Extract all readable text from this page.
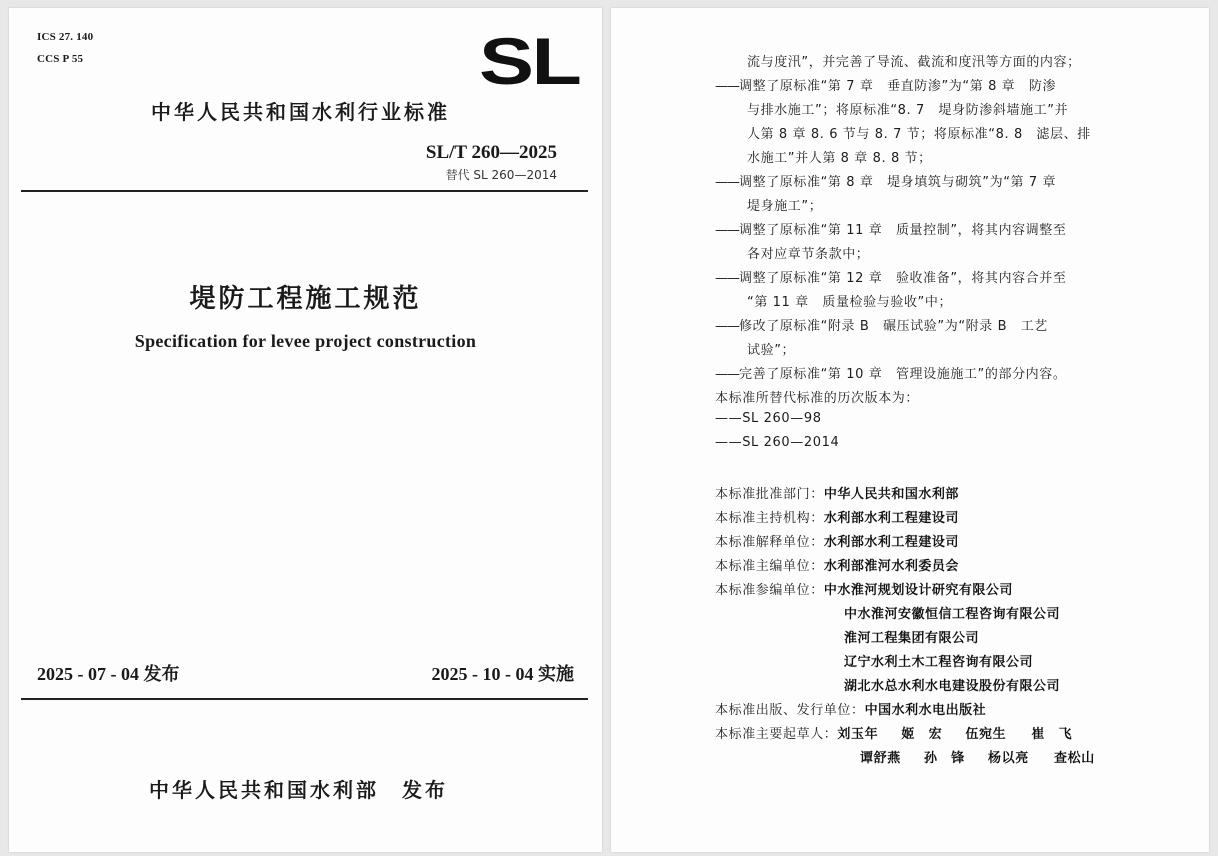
ICS 27. 140
CCS P 55	SL
中华人民共和国水利行业标准
SL/T 260—2025
替代 SL 260—2014
堤防工程施工规范
Specification for levee project construction
2025 - 07 - 04 发布	2025 - 10 - 04 实施
中华人民共和国水利部　发布
流与度汛”，并完善了导流、截流和度汛等方面的内容；
——调整了原标准“第 7 章　垂直防渗”为“第 8 章　防渗
与排水施工”；将原标准“8. 7　堤身防渗斜墙施工”并
人第 8 章 8. 6 节与 8. 7 节；将原标准“8. 8　滤层、排
水施工”并人第 8 章 8. 8 节；
——调整了原标准“第 8 章　堤身填筑与砌筑”为“第 7 章
堤身施工”；
——调整了原标准“第 11 章　质量控制”，将其内容调整至
各对应章节条款中；
——调整了原标准“第 12 章　验收准备”，将其内容合并至
“第 11 章　质量检验与验收”中；
——修改了原标准“附录 B　碾压试验”为“附录 B　工艺
试验”；
——完善了原标准“第 10 章　管理设施施工”的部分内容。
本标准所替代标准的历次版本为：
——SL 260—98
——SL 260—2014
本标准批准部门：中华人民共和国水利部
本标准主持机构：水利部水利工程建设司
本标准解释单位：水利部水利工程建设司
本标准主编单位：水利部淮河水利委员会
本标准参编单位：中水淮河规划设计研究有限公司
中水淮河安徽恒信工程咨询有限公司
淮河工程集团有限公司
辽宁水利土木工程咨询有限公司
湖北水总水利水电建设股份有限公司
本标准出版、发行单位：中国水利水电出版社
本标准主要起草人：刘玉年 姬　宏 伍宛生 崔　飞
谭舒燕 孙　锋 杨以亮 查松山
